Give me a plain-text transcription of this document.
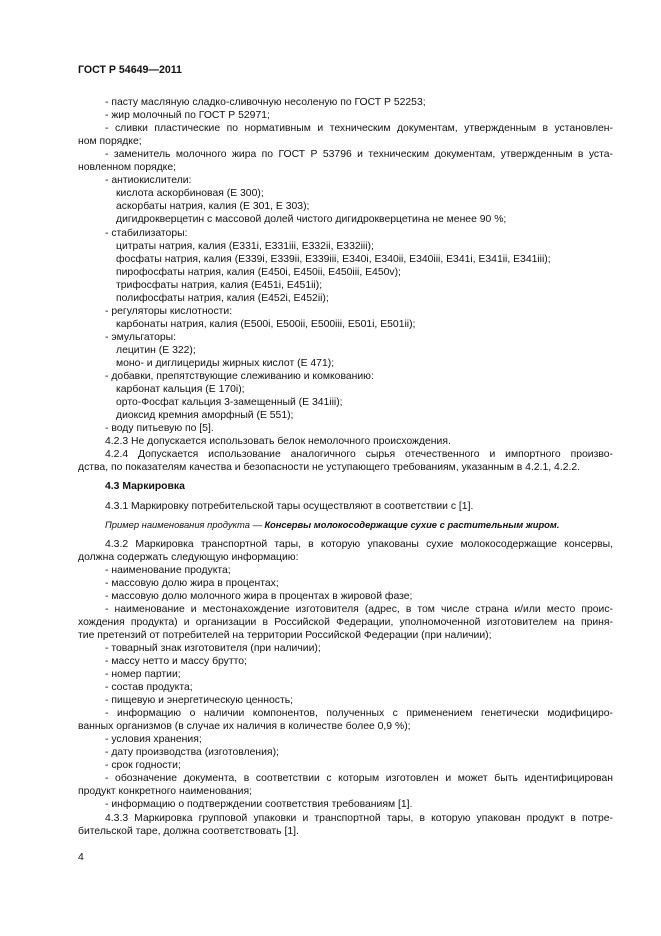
ГОСТ Р 54649—2011
- пасту масляную сладко-сливочную несоленую по ГОСТ Р 52253;
- жир молочный по ГОСТ Р 52971;
- сливки пластические по нормативным и техническим документам, утвержденным в установлен-
ном порядке;
- заменитель молочного жира по ГОСТ Р 53796 и техническим документам, утвержденным в уста-
новленном порядке;
- антиокислители:
кислота аскорбиновая (Е 300);
аскорбаты натрия, калия (Е 301, Е 303);
дигидрокверцетин с массовой долей чистого дигидрокверцетина не менее 90 %;
- стабилизаторы:
цитраты натрия, калия (E331i, E331iii, E332ii, E332iii);
фосфаты натрия, калия (E339i, E339ii, E339iii, E340i, E340ii, E340iii, E341i, E341ii, E341iii);
пирофосфаты натрия, калия (E450i, E450ii, E450iii, E450v);
трифосфаты натрия, калия (E451i, E451ii);
полифосфаты натрия, калия (E452i, E452ii);
- регуляторы кислотности:
карбонаты натрия, калия (E500i, E500ii, E500iii, E501i, E501ii);
- эмульгаторы:
лецитин (Е 322);
моно- и диглицериды жирных кислот (Е 471);
- добавки, препятствующие слеживанию и комкованию:
карбонат кальция (Е 170i);
орто-Фосфат кальция 3-замещенный (Е 341iii);
диоксид кремния аморфный (Е 551);
- воду питьевую по [5].
4.2.3 Не допускается использовать белок немолочного происхождения.
4.2.4 Допускается использование аналогичного сырья отечественного и импортного произво-
дства, по показателям качества и безопасности не уступающего требованиям, указанным в 4.2.1, 4.2.2.
4.3 Маркировка
4.3.1 Маркировку потребительской тары осуществляют в соответствии с [1].
Пример наименования продукта — Консервы молокосодержащие сухие с растительным жиром.
4.3.2 Маркировка транспортной тары, в которую упакованы сухие молокосодержащие консервы,
должна содержать следующую информацию:
- наименование продукта;
- массовую долю жира в процентах;
- массовую долю молочного жира в процентах в жировой фазе;
- наименование и местонахождение изготовителя (адрес, в том числе страна и/или место проис-
хождения продукта) и организации в Российской Федерации, уполномоченной изготовителем на приня-
тие претензий от потребителей на территории Российской Федерации (при наличии);
- товарный знак изготовителя (при наличии);
- массу нетто и массу брутто;
- номер партии;
- состав продукта;
- пищевую и энергетическую ценность;
- информацию о наличии компонентов, полученных с применением генетически модифициро-
ванных организмов (в случае их наличия в количестве более 0,9 %);
- условия хранения;
- дату производства (изготовления);
- срок годности;
- обозначение документа, в соответствии с которым изготовлен и может быть идентифицирован
продукт конкретного наименования;
- информацию о подтверждении соответствия требованиям [1].
4.3.3 Маркировка групповой упаковки и транспортной тары, в которую упакован продукт в потре-
бительской таре, должна соответствовать [1].
4
